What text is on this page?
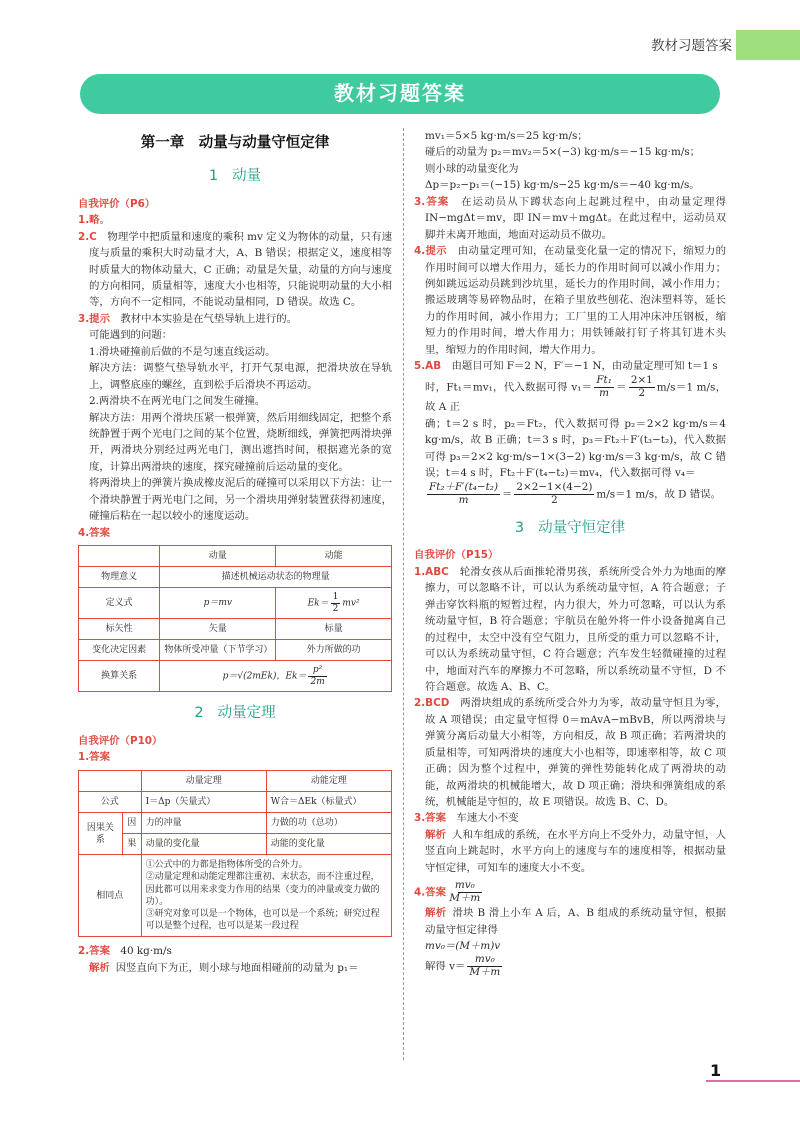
教材习题答案
教材习题答案
第一章　动量与动量守恒定律
1 动量
自我评价（P6）
1.略。
2.C　 物理学中把质量和速度的乘积 mv 定义为物体的动量，只有速度与质量的乘积大时动量才大，A、B 错误；根据定义，速度相等时质量大的物体动量大，C 正确；动量是矢量，动量的方向与速度的方向相同，质量相等，速度大小也相等，只能说明动量的大小相等，方向不一定相同，不能说动量相同，D 错误。故选 C。
3.提示　 教材中本实验是在气垫导轨上进行的。
可能遇到的问题：
1.滑块碰撞前后做的不是匀速直线运动。
解决方法：调整气垫导轨水平，打开气泵电源，把滑块放在导轨上，调整底座的螺丝，直到松手后滑块不再运动。
2.两滑块不在两光电门之间发生碰撞。
解决方法：用两个滑块压紧一根弹簧，然后用细线固定，把整个系统静置于两个光电门之间的某个位置，烧断细线，弹簧把两滑块弹开，两滑块分别经过两光电门，测出遮挡时间，根据遮光条的宽度，计算出两滑块的速度，探究碰撞前后运动量的变化。
将两滑块上的弹簧片换成橡皮泥后的碰撞可以采用以下方法：让一个滑块静置于两光电门之间，另一个滑块用弹射装置获得初速度，碰撞后粘在一起以较小的速度运动。
4.答案
	动量	动能
物理意义	描述机械运动状态的物理量	
定义式	p＝mv	$Ek= \frac{1}{2} mv^2$
标矢性	矢量	标量
变化决定因素	物体所受冲量（下节学习）	外力所做的功
换算关系	p＝√(2mEk)，$Ek= \frac{\text{p²}}{2m}$
2 动量定理
自我评价（P10）
1.答案
		动量定理	动能定理
公式		I＝Δp（矢量式）	W合＝ΔEk（标量式）
因果关系	因	力的冲量	力做的功（总功）
	果	动量的变化量	动能的变化量
相同点		①公式中的力都是指物体所受的合外力。
②动量定理和动能定理都注重初、末状态，而不注重过程，因此都可以用来求变力作用的结果（变力的冲量或变力做的功）。
③研究对象可以是一个物体，也可以是一个系统；研究过程可以是整个过程，也可以是某一段过程	
2.答案　 40 kg·m/s
解析 因竖直向下为正，则小球与地面相碰前的动量为 p₁＝
mv₁＝5×5 kg·m/s＝25 kg·m/s；
碰后的动量为 p₂＝mv₂＝5×(−3) kg·m/s＝−15 kg·m/s；
则小球的动量变化为
Δp＝p₂−p₁＝(−15) kg·m/s−25 kg·m/s＝−40 kg·m/s。
3.答案　 在运动员从下蹲状态向上起跳过程中，由动量定理得 IN−mgΔt＝mv，即 IN＝mv＋mgΔt。在此过程中，运动员双脚并未离开地面，地面对运动员不做功。
4.提示　 由动量定理可知，在动量变化量一定的情况下，缩短力的作用时间可以增大作用力，延长力的作用时间可以减小作用力；例如跳远运动员跳到沙坑里，延长力的作用时间，减小作用力；搬运玻璃等易碎物品时，在箱子里放些刨花、泡沫塑料等，延长力的作用时间，减小作用力；工厂里的工人用冲床冲压钢板，缩短力的作用时间，增大作用力；用铁锤敲打钉子将其钉进木头里，缩短力的作用时间，增大作用力。
5.AB　 由题目可知 F＝2 N，F′＝−1 N，由动量定理可知 t＝1 s
时，Ft₁＝mv₁，代入数据可得 $v_1= \frac{\text{Ft₁}}{m} = \frac{2\times 1}{2} m/s=1$ m/s，故 A 正
确；t＝2 s 时，p₂＝Ft₂，代入数据可得 p₂＝2×2 kg·m/s＝4 kg·m/s，故 B 正确；t＝3 s 时，p₃＝Ft₂＋F′(t₃−t₂)，代入数据可得 p₃＝2×2 kg·m/s−1×(3−2) kg·m/s＝3 kg·m/s，故 C 错误；t＝4 s 时，Ft₂＋F′(t₄−t₂)＝mv₄，代入数据可得 v₄＝
$\frac{\text{Ft₂＋F′(t₄−t₂)}}{m} = \frac{2\times 2-1\times(4-2)}{2} m/s=1$ m/s，故 D 错误。
3 动量守恒定律
自我评价（P15）
1.ABC　 轮滑女孩从后面推轮滑男孩，系统所受合外力为地面的摩擦力，可以忽略不计，可以认为系统动量守恒，A 符合题意；子弹击穿饮料瓶的短暂过程，内力很大，外力可忽略，可以认为系统动量守恒，B 符合题意；宇航员在舱外将一件小设备抛离自己的过程中，太空中没有空气阻力，且所受的重力可以忽略不计，可以认为系统动量守恒，C 符合题意；汽车发生轻微碰撞的过程中，地面对汽车的摩擦力不可忽略，所以系统动量不守恒，D 不符合题意。故选 A、B、C。
2.BCD　 两滑块组成的系统所受合外力为零，故动量守恒且为零，故 A 项错误；由定量守恒得 0＝mAvA−mBvB，所以两滑块与弹簧分离后动量大小相等，方向相反，故 B 项正确；若两滑块的质量相等，可知两滑块的速度大小也相等，即速率相等，故 C 项正确；因为整个过程中，弹簧的弹性势能转化成了两滑块的动能，故两滑块的机械能增大，故 D 项正确；滑块和弹簧组成的系统，机械能是守恒的，故 E 项错误。故选 B、C、D。
3.答案　 车速大小不变
解析 人和车组成的系统，在水平方向上不受外力，动量守恒，人竖直向上跳起时，水平方向上的速度与车的速度相等，根据动量守恒定律，可知车的速度大小不变。
4.答案　 $\frac{\text{mv₀}}{M+m}$
解析 滑块 B 滑上小车 A 后，A、B 组成的系统动量守恒，根据动量守恒定律得
mv₀＝(M＋m)v
解得 $v= \frac{\text{mv₀}}{M+m}$
1
